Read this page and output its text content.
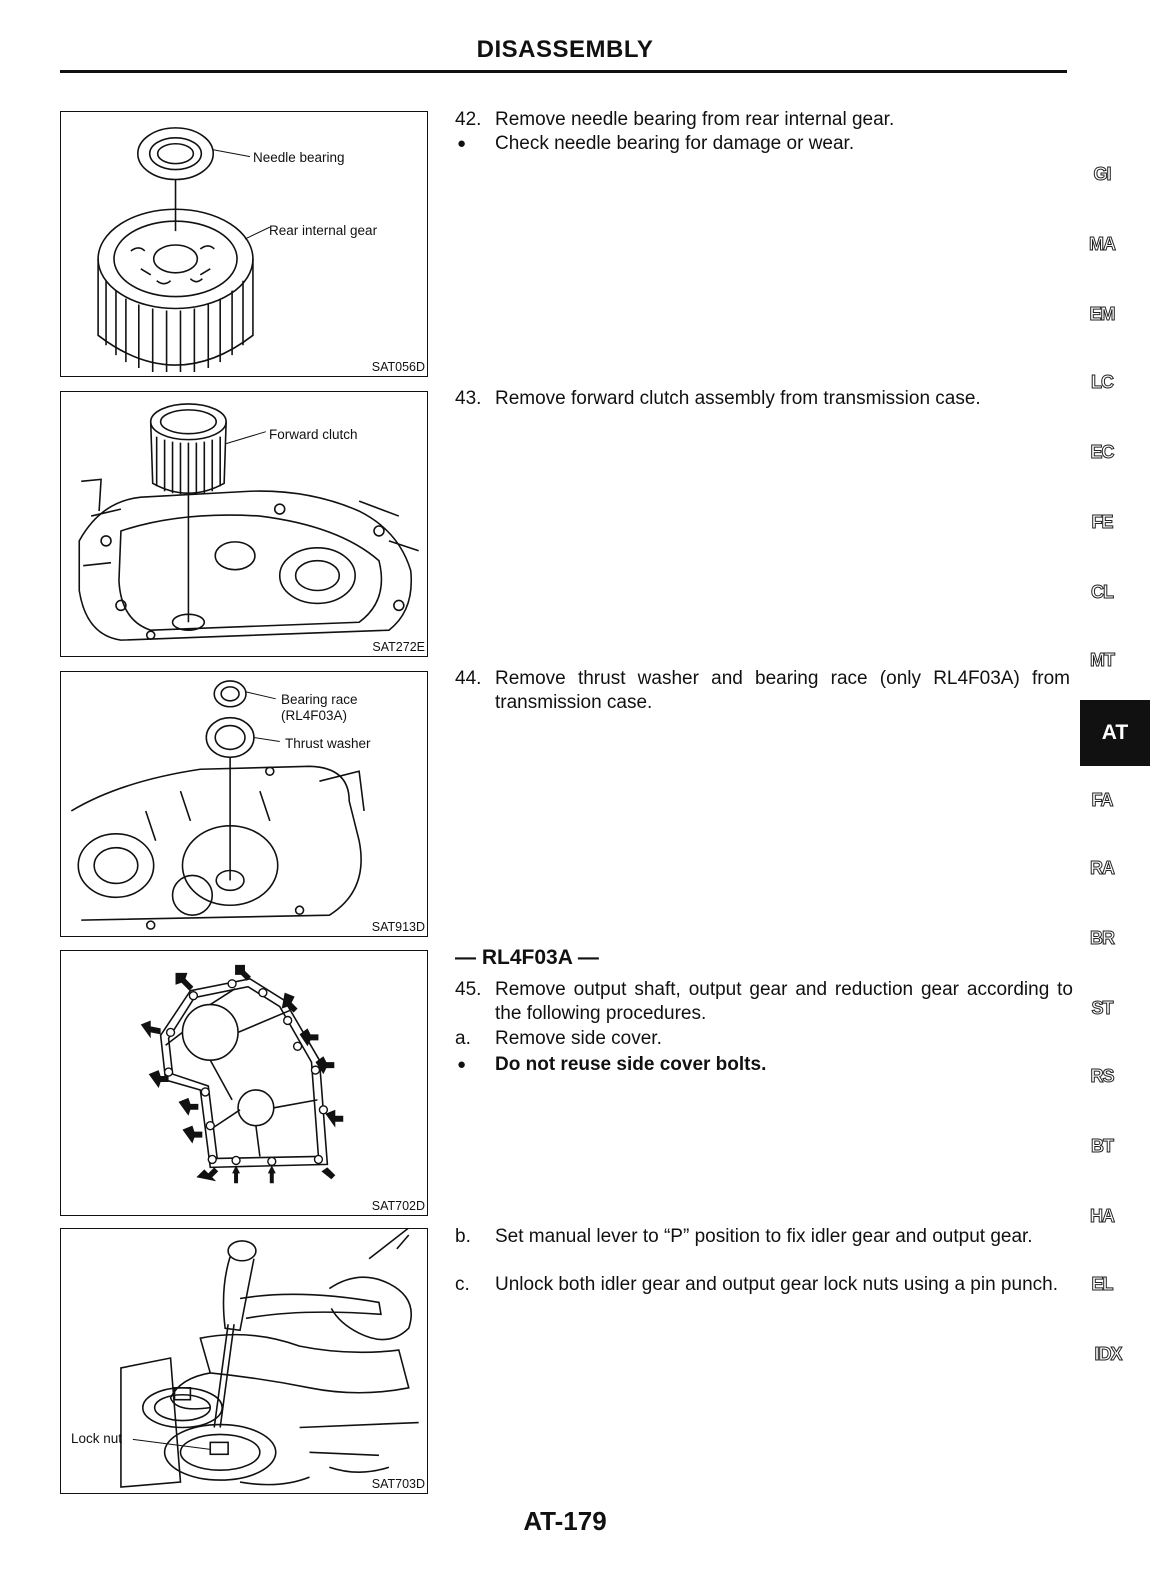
DISASSEMBLY
Needle bearing
Rear internal gear
SAT056D
Forward clutch
SAT272E
Bearing race
(RL4F03A)
Thrust washer
SAT913D
SAT702D
Lock nut
SAT703D
42. Remove needle bearing from rear internal gear.
● Check needle bearing for damage or wear.
43. Remove forward clutch assembly from transmission case.
44. Remove thrust washer and bearing race (only RL4F03A) from transmission case.
— RL4F03A —
45. Remove output shaft, output gear and reduction gear according to the following procedures.
a. Remove side cover.
● Do not reuse side cover bolts.
b. Set manual lever to “P” position to fix idler gear and output gear.
c. Unlock both idler gear and output gear lock nuts using a pin punch.
GI
MA
EM
LC
EC
FE
CL
MT
AT
FA
RA
BR
ST
RS
BT
HA
EL
IDX
AT-179
